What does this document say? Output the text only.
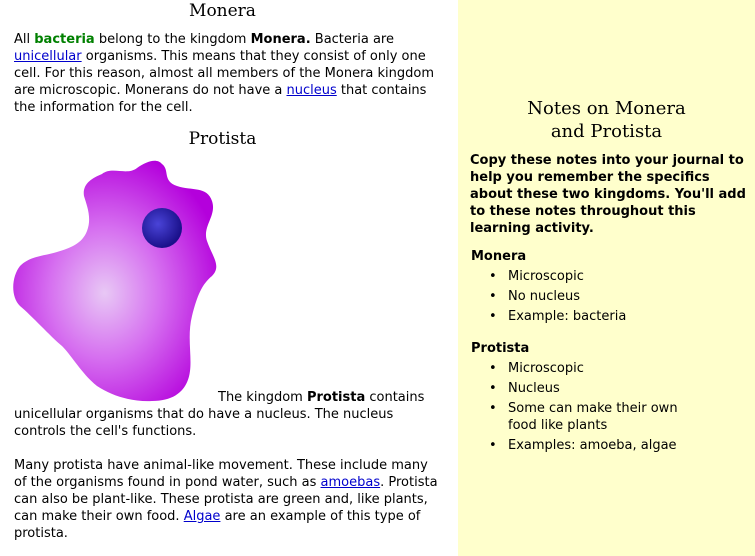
Monera

All bacteria belong to the kingdom Monera. Bacteria are unicellular organisms. This means that they consist of only one cell. For this reason, almost all members of the Monera kingdom are microscopic. Monerans do not have a nucleus that contains the information for the cell.

Protista

The kingdom Protista contains

unicellular organisms that do have a nucleus. The nucleus controls the cell's functions.

Many protista have animal-like movement. These include many of the organisms found in pond water, such as amoebas. Protista can also be plant-like. These protista are green and, like plants, can make their own food. Algae are an example of this type of protista.

Notes on Monera
and Protista

Copy these notes into your journal to help you remember the specifics about these two kingdoms. You'll add to these notes throughout this learning activity.

Monera

• Microscopic
• No nucleus
• Example: bacteria

Protista

• Microscopic
• Nucleus
• Some can make their own food like plants
• Examples: amoeba, algae
